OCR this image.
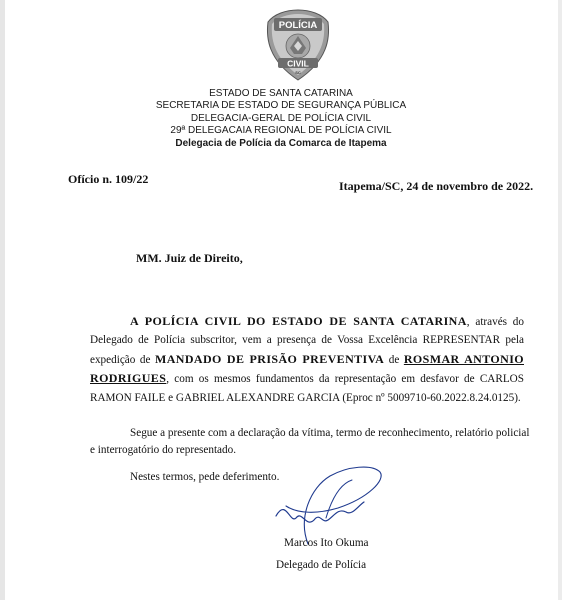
POLÍCIA
CIVIL
SC
ESTADO DE SANTA CATARINA
SECRETARIA DE ESTADO DE SEGURANÇA PÚBLICA
DELEGACIA-GERAL DE POLÍCIA CIVIL
29ª DELEGACAIA REGIONAL DE POLÍCIA CIVIL
Delegacia de Polícia da Comarca de Itapema
Ofício n. 109/22	Itapema/SC, 24 de novembro de 2022.
MM. Juiz de Direito,
A POLÍCIA CIVIL DO ESTADO DE SANTA CATARINA, através do Delegado de Polícia subscritor, vem a presença de Vossa Excelência REPRESENTAR pela expedição de MANDADO DE PRISÃO PREVENTIVA de ROSMAR ANTONIO RODRIGUES, com os mesmos fundamentos da representação em desfavor de CARLOS RAMON FAILE e GABRIEL ALEXANDRE GARCIA (Eproc nº 5009710-60.2022.8.24.0125).
Segue a presente com a declaração da vítima, termo de reconhecimento, relatório policial e interrogatório do representado.
Nestes termos, pede deferimento.
Marcos Ito Okuma
Delegado de Polícia
